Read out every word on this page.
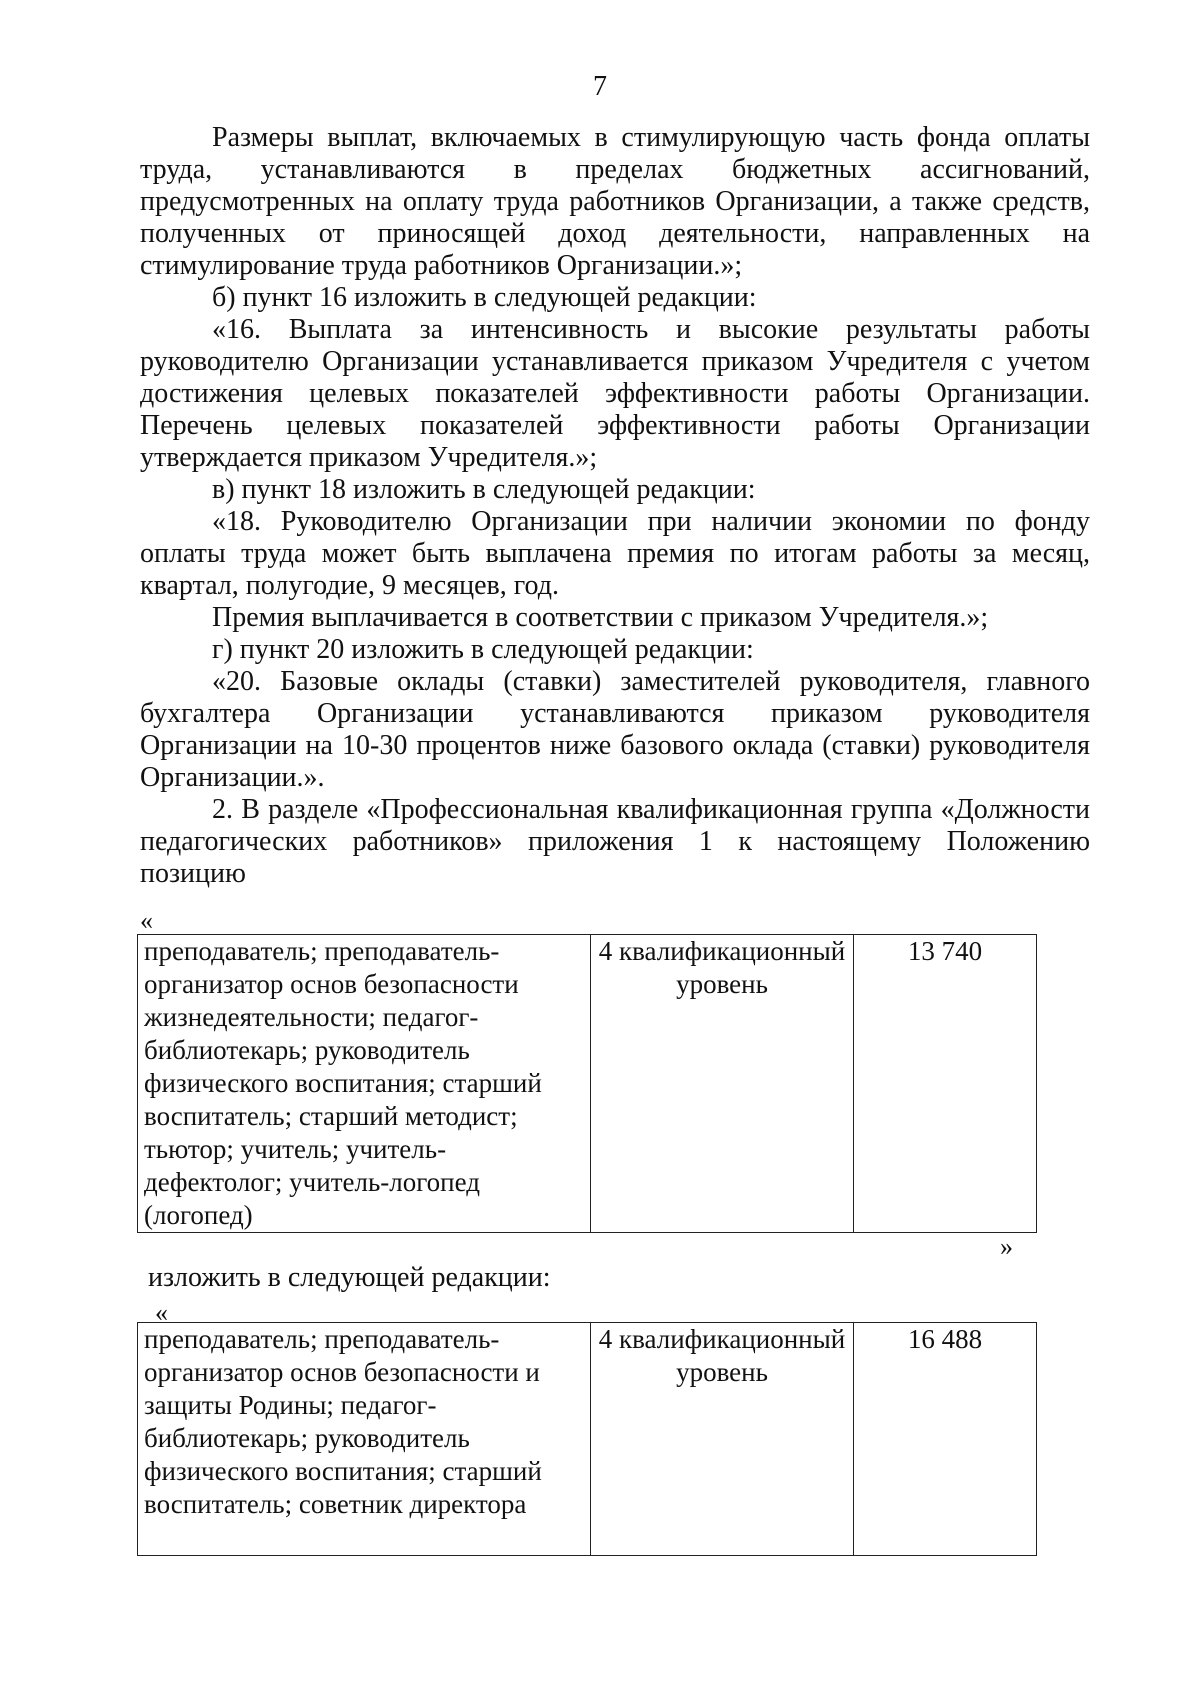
7

Размеры выплат, включаемых в стимулирующую часть фонда оплаты труда, устанавливаются в пределах бюджетных ассигнований, предусмотренных на оплату труда работников Организации, а также средств, полученных от приносящей доход деятельности, направленных на стимулирование труда работников Организации.»;

б) пункт 16 изложить в следующей редакции:

«16. Выплата за интенсивность и высокие результаты работы руководителю Организации устанавливается приказом Учредителя с учетом достижения целевых показателей эффективности работы Организации. Перечень целевых показателей эффективности работы Организации утверждается приказом Учредителя.»;

в) пункт 18 изложить в следующей редакции:

«18. Руководителю Организации при наличии экономии по фонду оплаты труда может быть выплачена премия по итогам работы за месяц, квартал, полугодие, 9 месяцев, год.

Премия выплачивается в соответствии с приказом Учредителя.»;

г) пункт 20 изложить в следующей редакции:

«20. Базовые оклады (ставки) заместителей руководителя, главного бухгалтера Организации устанавливаются приказом руководителя Организации на 10-30 процентов ниже базового оклада (ставки) руководителя Организации.».

2. В разделе «Профессиональная квалификационная группа «Должности педагогических работников» приложения 1 к настоящему Положению позицию

«
преподаватель; преподаватель-организатор основ безопасности жизнедеятельности; педагог-библиотекарь; руководитель физического воспитания; старший воспитатель; старший методист; тьютор; учитель; учитель-дефектолог; учитель-логопед (логопед)	4 квалификационный уровень	13 740
»
изложить в следующей редакции:
«
преподаватель; преподаватель-организатор основ безопасности и защиты Родины; педагог-библиотекарь; руководитель физического воспитания; старший воспитатель; советник директора	4 квалификационный уровень	16 488
